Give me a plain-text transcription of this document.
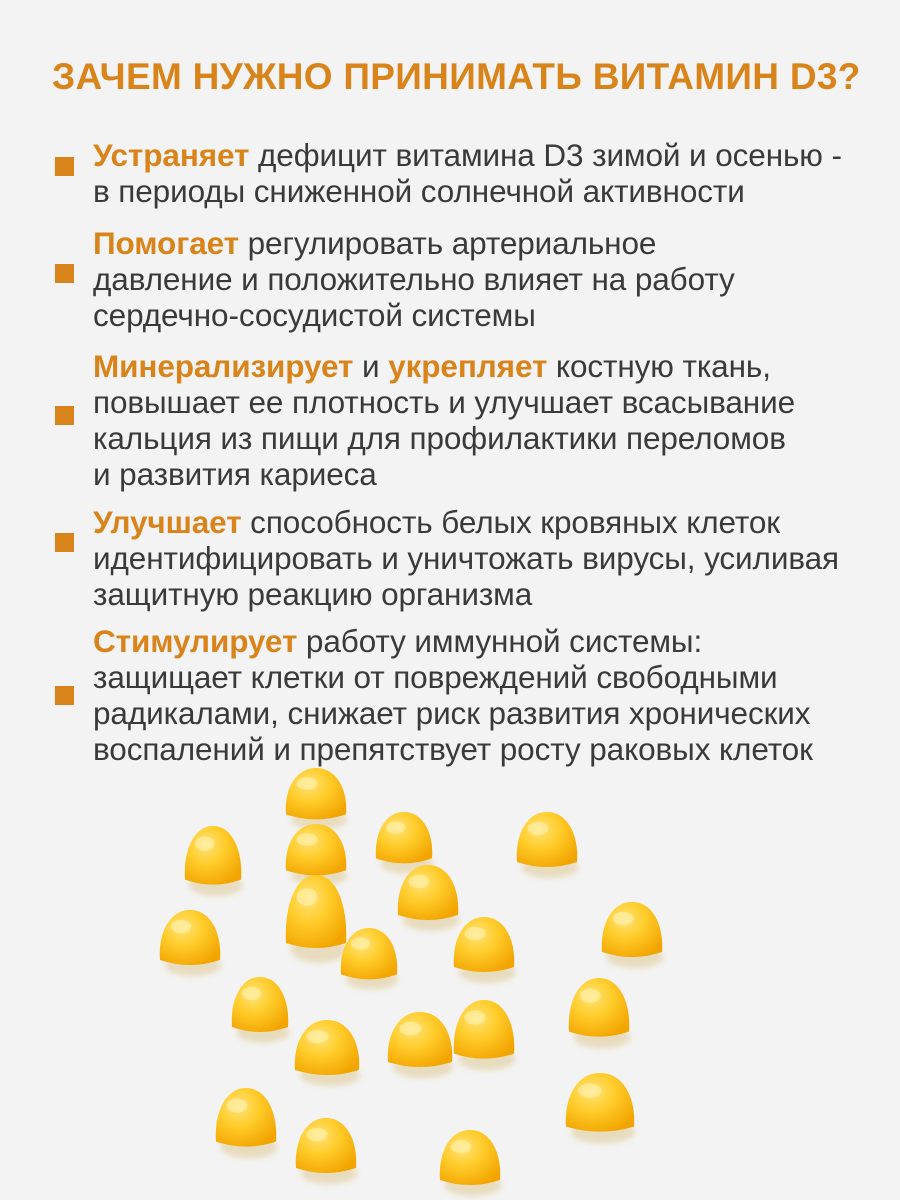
ЗАЧЕМ НУЖНО ПРИНИМАТЬ ВИТАМИН D3?

Устраняет дефицит витамина D3 зимой и осенью - в периоды сниженной солнечной активности

Помогает регулировать артериальное давление и положительно влияет на работу сердечно-сосудистой системы

Минерализирует и укрепляет костную ткань, повышает ее плотность и улучшает всасывание кальция из пищи для профилактики переломов и развития кариеса

Улучшает способность белых кровяных клеток идентифицировать и уничтожать вирусы, усиливая защитную реакцию организма

Стимулирует работу иммунной системы: защищает клетки от повреждений свободными радикалами, снижает риск развития хронических воспалений и препятствует росту раковых клеток
